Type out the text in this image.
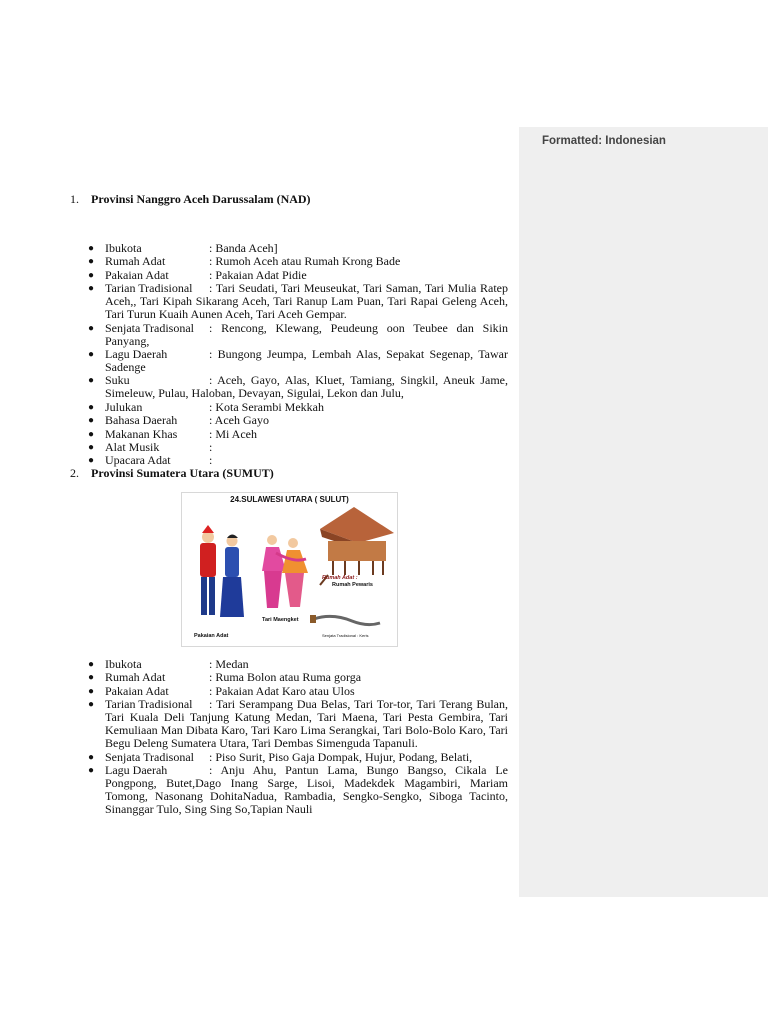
Formatted: Indonesian
1. Provinsi Nanggro Aceh Darussalam (NAD)
● Ibukota	: Banda Aceh]
● Rumah Adat	: Rumoh Aceh atau Rumah Krong Bade
● Pakaian Adat	: Pakaian Adat Pidie
● Tarian Tradisional : Tari Seudati, Tari Meuseukat, Tari Saman, Tari Mulia Ratep Aceh,, Tari Kipah Sikarang Aceh, Tari Ranup Lam Puan, Tari Rapai Geleng Aceh, Tari Turun Kuaih Aunen Aceh, Tari Aceh Gempar.
● Senjata Tradisonal : Rencong, Klewang, Peudeung oon Teubee dan Sikin Panyang,
● Lagu Daerah	: Bungong Jeumpa, Lembah Alas, Sepakat Segenap, Tawar Sadenge
● Suku	: Aceh, Gayo, Alas, Kluet, Tamiang, Singkil, Aneuk Jame, Simeleuw, Pulau, Haloban, Devayan, Sigulai, Lekon dan Julu,
● Julukan	: Kota Serambi Mekkah
● Bahasa Daerah	: Aceh Gayo
● Makanan Khas	: Mi Aceh
● Alat Musik	:
● Upacara Adat	:
2. Provinsi Sumatera Utara (SUMUT)
24.SULAWESI UTARA ( SULUT)
Rumah Adat :
Rumah Pewaris
Tari Maengket
Pakaian Adat	Senjata Tradisional : Keris
● Ibukota	: Medan
● Rumah Adat	: Ruma Bolon atau Ruma gorga
● Pakaian Adat	: Pakaian Adat Karo atau Ulos
● Tarian Tradisional : Tari Serampang Dua Belas, Tari Tor-tor, Tari Terang Bulan, Tari Kuala Deli Tanjung Katung Medan, Tari Maena, Tari Pesta Gembira, Tari Kemuliaan Man Dibata Karo, Tari Karo Lima Serangkai, Tari Bolo-Bolo Karo, Tari Begu Deleng Sumatera Utara, Tari Dembas Simenguda Tapanuli.
● Senjata Tradisonal : Piso Surit, Piso Gaja Dompak, Hujur, Podang, Belati,
● Lagu Daerah	: Anju Ahu, Pantun Lama, Bungo Bangso, Cikala Le Pongpong, Butet,Dago Inang Sarge, Lisoi, Madekdek Magambiri, Mariam Tomong, Nasonang DohitaNadua, Rambadia, Sengko-Sengko, Siboga Tacinto, Sinanggar Tulo, Sing Sing So,Tapian Nauli
